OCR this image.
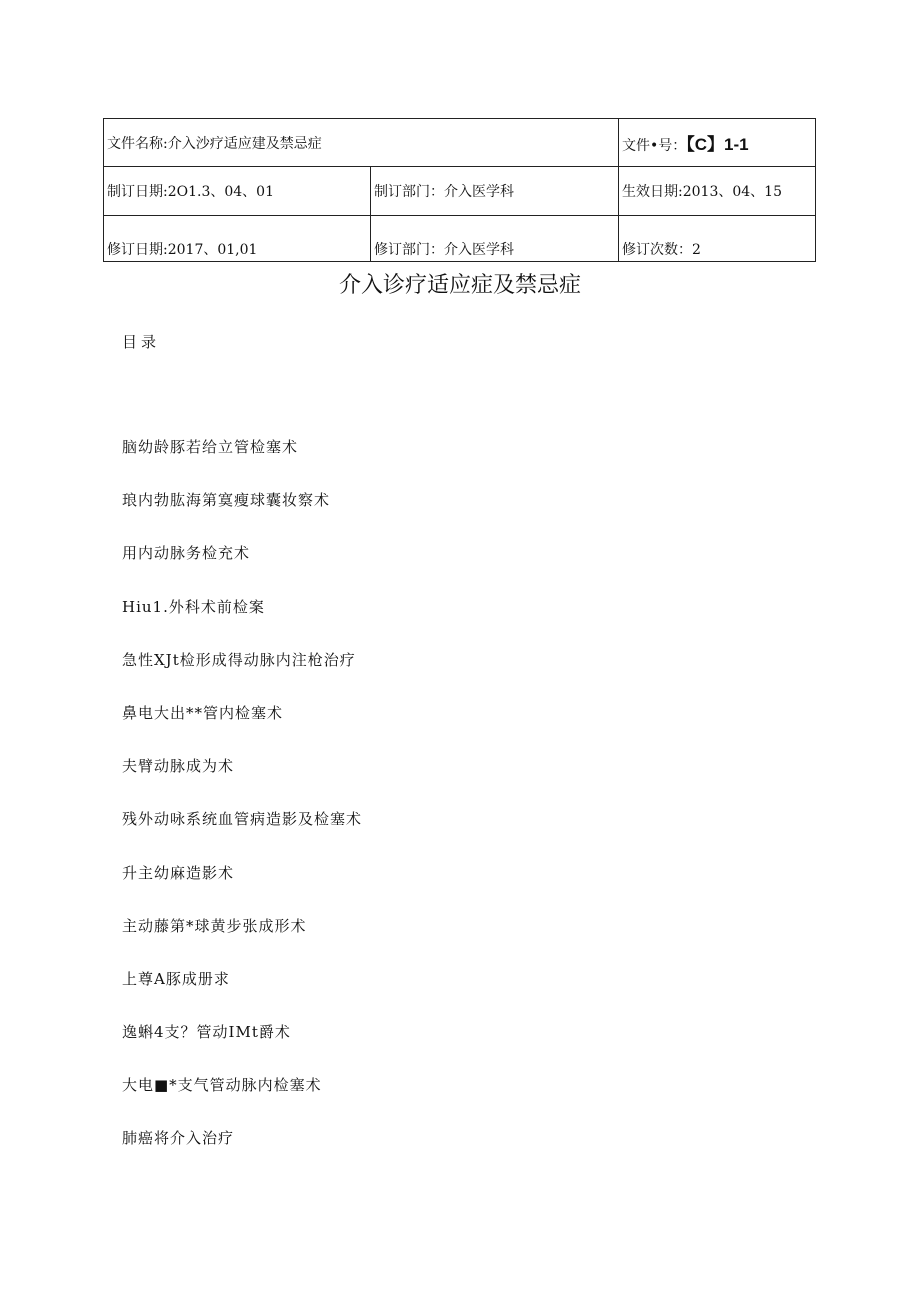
文件名称:介入沙疗适应建及禁忌症		文件•号：【C】1-1
制订日期:2O1.3、04、01	制订部门：介入医学科	生效日期:2013、04、15
修订日期:2017、01,01	修订部门：介入医学科	修订次数：2
介入诊疗适应症及禁忌症
目录
脑幼龄豚若给立管检塞术
琅内勃肱海第寞瘦球囊妆察术
用内动脉务检充术
Hiu1.外科术前检案
急性XJt检形成得动脉内注枪治疗
鼻电大出**管内检塞术
夫臂动脉成为术
残外动咏系统血管病造影及检塞术
升主幼麻造影术
主动藤第*球黄步张成形术
上尊A豚成册求
逸蝌4支？管动IMt爵术
大电■*支气管动脉内检塞术
肺癌将介入治疗
